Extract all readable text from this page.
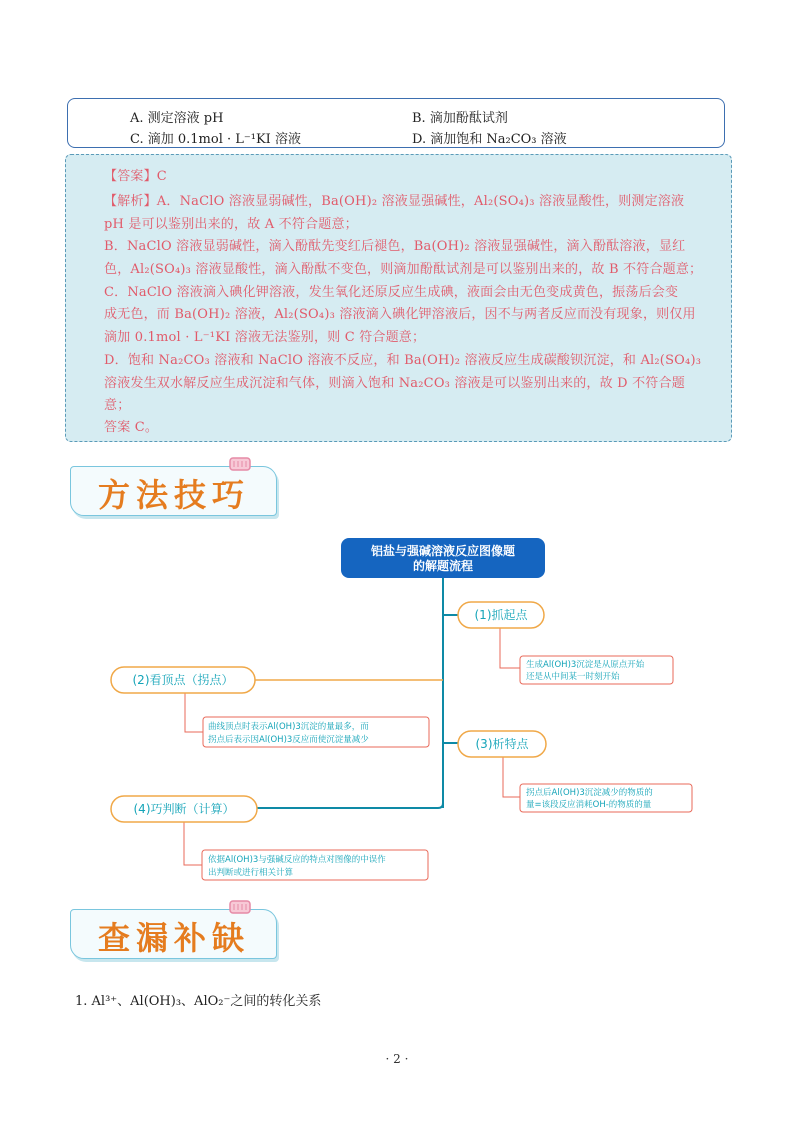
A. 测定溶液 pH	B. 滴加酚酞试剂
C. 滴加 0.1mol · L⁻¹KI 溶液	D. 滴加饱和 Na₂CO₃ 溶液
【答案】C
【解析】A．NaClO 溶液显弱碱性，Ba(OH)₂ 溶液显强碱性，Al₂(SO₄)₃ 溶液显酸性，则测定溶液
pH 是可以鉴别出来的，故 A 不符合题意；
B．NaClO 溶液显弱碱性，滴入酚酞先变红后褪色，Ba(OH)₂ 溶液显强碱性，滴入酚酞溶液，显红
色，Al₂(SO₄)₃ 溶液显酸性，滴入酚酞不变色，则滴加酚酞试剂是可以鉴别出来的，故 B 不符合题意；
C．NaClO 溶液滴入碘化钾溶液，发生氧化还原反应生成碘，液面会由无色变成黄色，振荡后会变
成无色，而 Ba(OH)₂ 溶液，Al₂(SO₄)₃ 溶液滴入碘化钾溶液后，因不与两者反应而没有现象，则仅用
滴加 0.1mol · L⁻¹KI 溶液无法鉴别，则 C 符合题意；
D．饱和 Na₂CO₃ 溶液和 NaClO 溶液不反应，和 Ba(OH)₂ 溶液反应生成碳酸钡沉淀，和 Al₂(SO₄)₃
溶液发生双水解反应生成沉淀和气体，则滴入饱和 Na₂CO₃ 溶液是可以鉴别出来的，故 D 不符合题
意；
答案 C。
方法技巧
铝盐与强碱溶液反应图像题
的解题流程
(1)抓起点
生成Al(OH)3沉淀是从原点开始
还是从中间某一时刻开始
(2)看顶点（拐点）
曲线顶点时表示Al(OH)3沉淀的量最多，而
拐点后表示因Al(OH)3反应而使沉淀量减少	(3)析特点
拐点后Al(OH)3沉淀减少的物质的
量=该段反应消耗OH-的物质的量
(4)巧判断（计算）
依据Al(OH)3与强碱反应的特点对图像的中误作
出判断或进行相关计算
查漏补缺
1. Al³⁺、Al(OH)₃、AlO₂⁻之间的转化关系
· 2 ·
